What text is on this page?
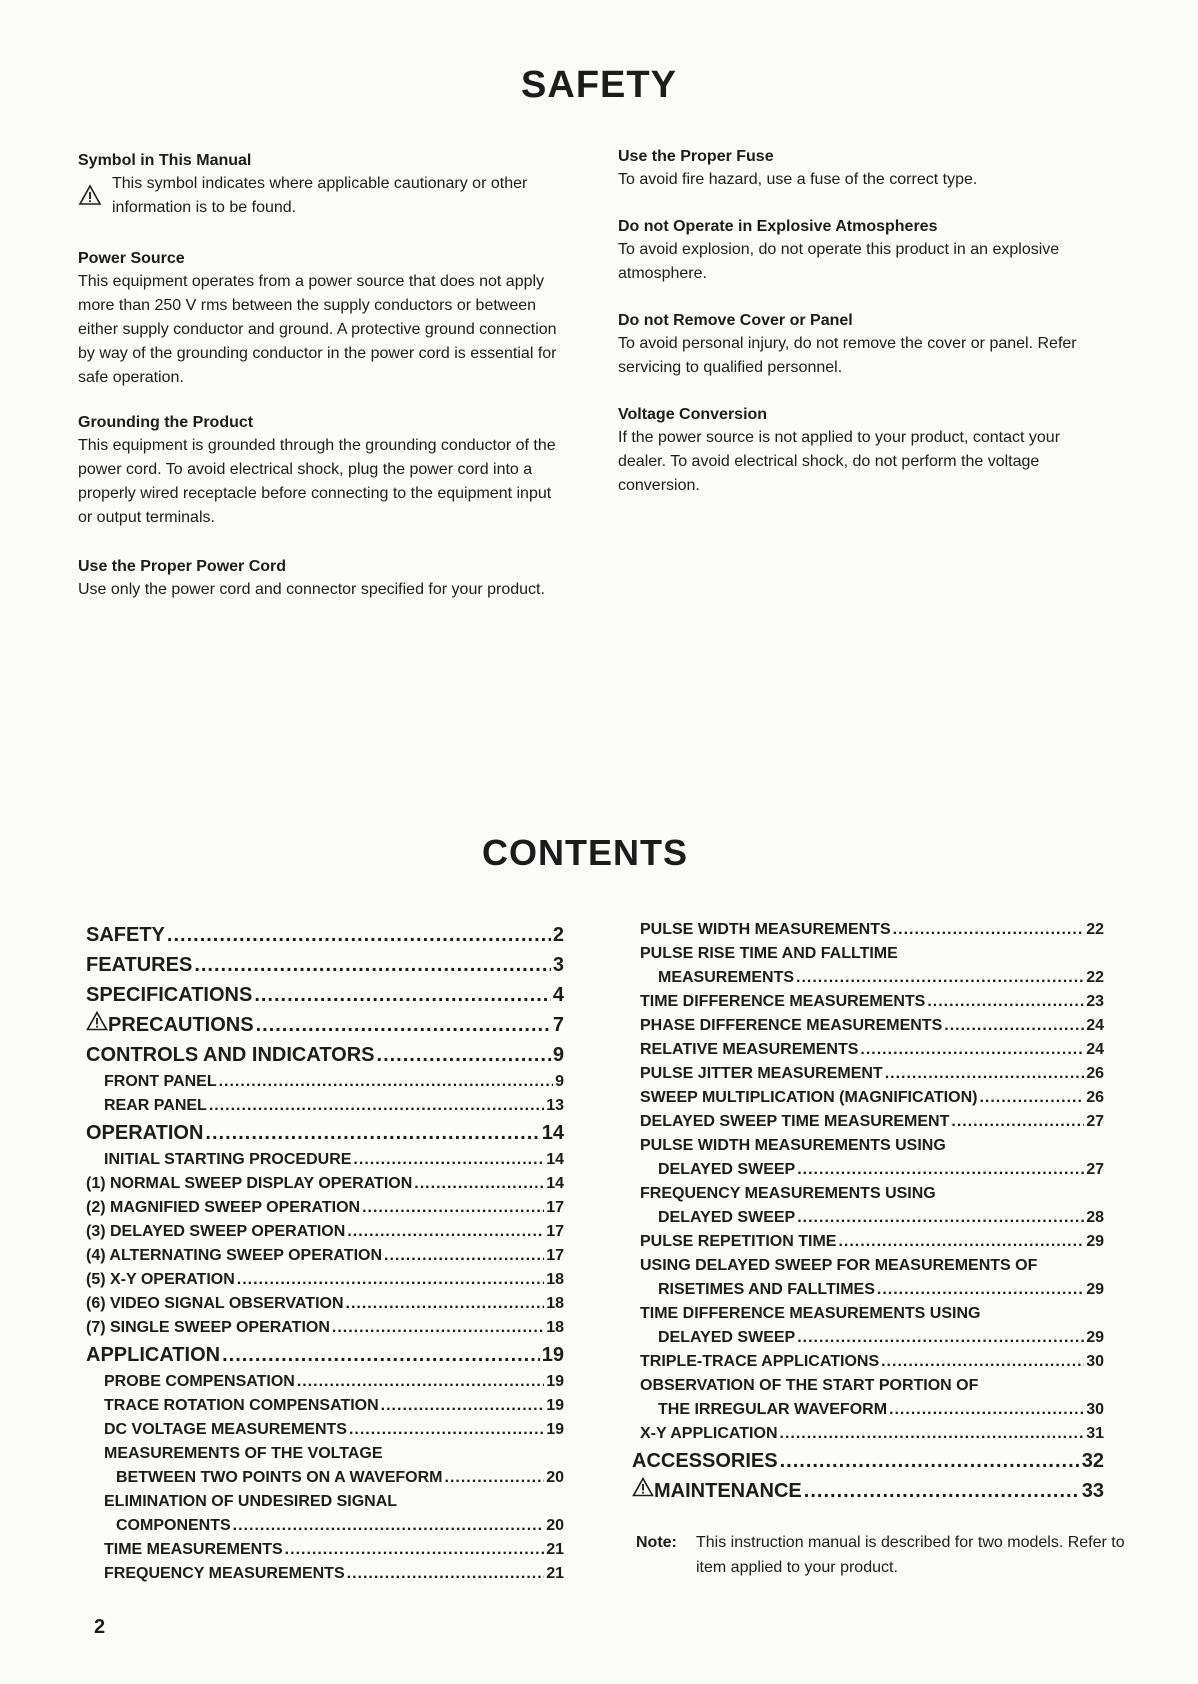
SAFETY
Symbol in This Manual

This symbol indicates where applicable cautionary or other information is to be found.

Power Source

This equipment operates from a power source that does not apply more than 250 V rms between the supply conductors or between either supply conductor and ground. A protective ground connection by way of the grounding conductor in the power cord is essential for safe operation.

Grounding the Product

This equipment is grounded through the grounding conductor of the power cord. To avoid electrical shock, plug the power cord into a properly wired receptacle before connecting to the equipment input or output terminals.

Use the Proper Power Cord

Use only the power cord and connector specified for your product.

Use the Proper Fuse

To avoid fire hazard, use a fuse of the correct type.

Do not Operate in Explosive Atmospheres

To avoid explosion, do not operate this product in an explosive atmosphere.

Do not Remove Cover or Panel

To avoid personal injury, do not remove the cover or panel. Refer servicing to qualified personnel.

Voltage Conversion

If the power source is not applied to your product, contact your dealer. To avoid electrical shock, do not perform the voltage conversion.

CONTENTS
SAFETY .....	2
FEATURES .....	3
SPECIFICATIONS .....	4
PRECAUTIONS .....	7
CONTROLS AND INDICATORS .....	9
FRONT PANEL .....	9
REAR PANEL .....	13
OPERATION .....	14
INITIAL STARTING PROCEDURE .....	14
(1) NORMAL SWEEP DISPLAY OPERATION .....	14
(2) MAGNIFIED SWEEP OPERATION .....	17
(3) DELAYED SWEEP OPERATION .....	17
(4) ALTERNATING SWEEP OPERATION .....	17
(5) X-Y OPERATION .....	18
(6) VIDEO SIGNAL OBSERVATION .....	18
(7) SINGLE SWEEP OPERATION .....	18
APPLICATION .....	19
PROBE COMPENSATION .....	19
TRACE ROTATION COMPENSATION .....	19
DC VOLTAGE MEASUREMENTS .....	19
MEASUREMENTS OF THE VOLTAGE
BETWEEN TWO POINTS ON A WAVEFORM .....	20
ELIMINATION OF UNDESIRED SIGNAL
COMPONENTS .....	20
TIME MEASUREMENTS .....	21
FREQUENCY MEASUREMENTS .....	21
PULSE WIDTH MEASUREMENTS .....	22
PULSE RISE TIME AND FALLTIME
MEASUREMENTS .....	22
TIME DIFFERENCE MEASUREMENTS .....	23
PHASE DIFFERENCE MEASUREMENTS .....	24
RELATIVE MEASUREMENTS .....	24
PULSE JITTER MEASUREMENT .....	26
SWEEP MULTIPLICATION (MAGNIFICATION) .....	26
DELAYED SWEEP TIME MEASUREMENT .....	27
PULSE WIDTH MEASUREMENTS USING
DELAYED SWEEP .....	27
FREQUENCY MEASUREMENTS USING
DELAYED SWEEP .....	28
PULSE REPETITION TIME .....	29
USING DELAYED SWEEP FOR MEASUREMENTS OF
RISETIMES AND FALLTIMES .....	29
TIME DIFFERENCE MEASUREMENTS USING
DELAYED SWEEP .....	29
TRIPLE-TRACE APPLICATIONS .....	30
OBSERVATION OF THE START PORTION OF
THE IRREGULAR WAVEFORM .....	30
X-Y APPLICATION .....	31
ACCESSORIES .....	32
MAINTENANCE .....	33
Note:	This instruction manual is described for two models. Refer to item applied to your product.
2
